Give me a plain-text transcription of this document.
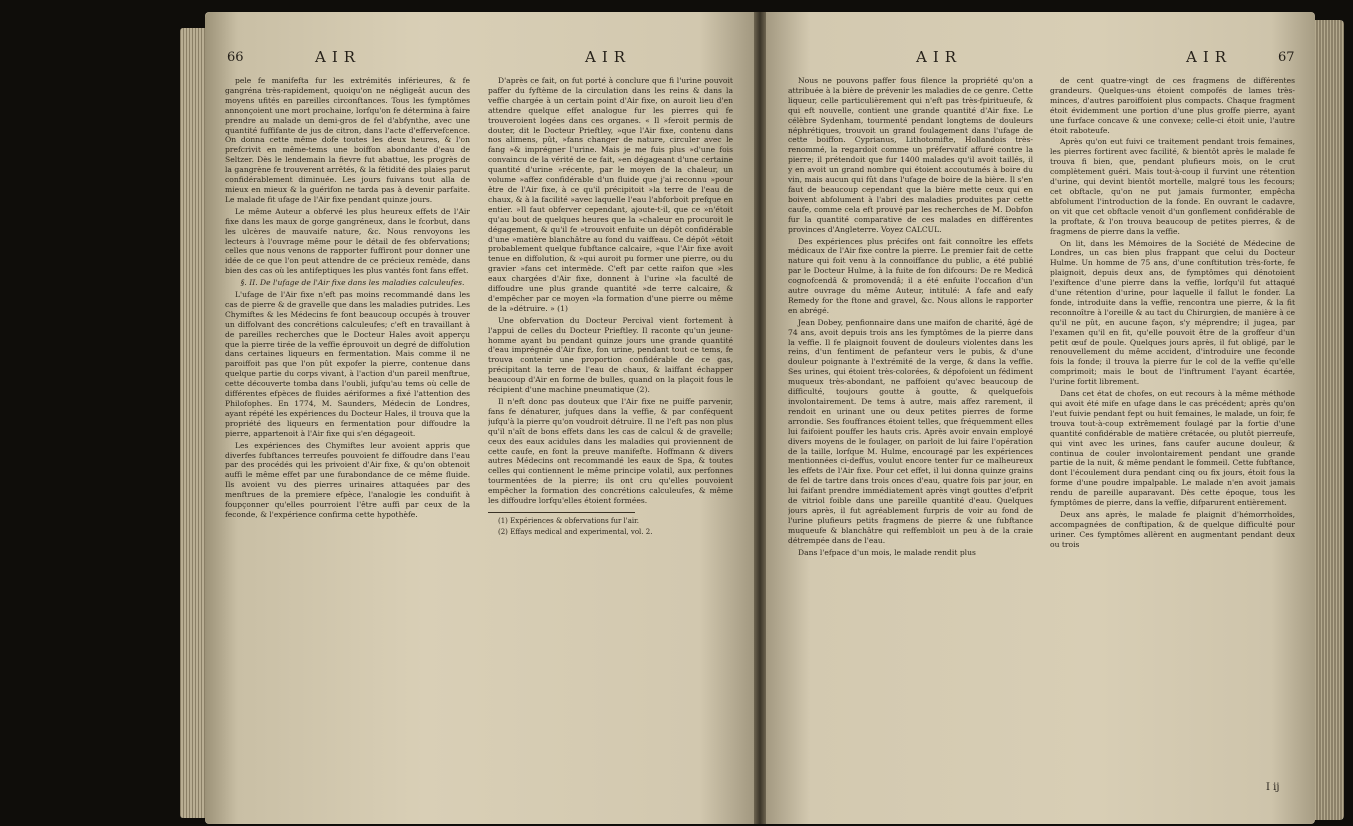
66	AIR	AIR

pele fe manifefta fur les extrémités inférieures, & fe gangréna très-rapidement, quoiqu'on ne négligeât aucun des moyens ufités en pareilles circonftances. Tous les fymptômes annonçoient une mort prochaine, lorfqu'on fe détermina à faire prendre au malade un demi-gros de fel d'abfynthe, avec une quantité fuffifante de jus de citron, dans l'acte d'effervefcence. On donna cette même dofe toutes les deux heures, & l'on prefcrivit en même-tems une boiffon abondante d'eau de Seltzer. Dès le lendemain la fievre fut abattue, les progrès de la gangrène fe trouverent arrêtés, & la fétidité des plaies parut confidérablement diminuée. Les jours fuivans tout alla de mieux en mieux & la guérifon ne tarda pas à devenir parfaite. Le malade fit ufage de l'Air fixe pendant quinze jours.

Le même Auteur a obfervé les plus heureux effets de l'Air fixe dans les maux de gorge gangréneux, dans le fcorbut, dans les ulcères de mauvaife nature, &c. Nous renvoyons les lecteurs à l'ouvrage même pour le détail de fes obfervations; celles que nous venons de rapporter fuffiront pour donner une idée de ce que l'on peut attendre de ce précieux remède, dans bien des cas où les antifeptiques les plus vantés font fans effet.

§. II. De l'ufage de l'Air fixe dans les maladies calculeufes.

L'ufage de l'Air fixe n'eft pas moins recommandé dans les cas de pierre & de gravelle que dans les maladies putrides. Les Chymiftes & les Médecins fe font beaucoup occupés à trouver un diffolvant des concrétions calculeufes; c'eft en travaillant à de pareilles recherches que le Docteur Hales avoit apperçu que la pierre tirée de la veffie éprouvoit un degré de diffolution dans certaines liqueurs en fermentation. Mais comme il ne paroiffoit pas que l'on pût expofer la pierre, contenue dans quelque partie du corps vivant, à l'action d'un pareil menftrue, cette découverte tomba dans l'oubli, jufqu'au tems où celle de différentes efpèces de fluides aériformes a fixé l'attention des Philofophes. En 1774, M. Saunders, Médecin de Londres, ayant répété les expériences du Docteur Hales, il trouva que la propriété des liqueurs en fermentation pour diffoudre la pierre, appartenoit à l'Air fixe qui s'en dégageoit.

Les expériences des Chymiftes leur avoient appris que diverfes fubftances terreufes pouvoient fe diffoudre dans l'eau par des procédés qui les privoient d'Air fixe, & qu'on obtenoit auffi le même effet par une furabondance de ce même fluide. Ils avoient vu des pierres urinaires attaquées par des menftrues de la premiere efpèce, l'analogie les conduifit à foupçonner qu'elles pourroient l'être auffi par ceux de la feconde, & l'expérience confirma cette hypothèfe.

D'après ce fait, on fut porté à conclure que fi l'urine pouvoit paffer du fyftème de la circulation dans les reins & dans la veffie chargée à un certain point d'Air fixe, on auroit lieu d'en attendre quelque effet analogue fur les pierres qui fe trouveroient logées dans ces organes. « Il »feroit permis de douter, dit le Docteur Prieftley, »que l'Air fixe, contenu dans nos alimens, pût, »fans changer de nature, circuler avec le fang »& imprégner l'urine. Mais je me fuis plus »d'une fois convaincu de la vérité de ce fait, »en dégageant d'une certaine quantité d'urine »récente, par le moyen de la chaleur, un volume »affez confidérable d'un fluide que j'ai reconnu »pour être de l'Air fixe, à ce qu'il précipitoit »la terre de l'eau de chaux, & à la facilité »avec laquelle l'eau l'abforboit prefque en entier. »Il faut obferver cependant, ajoute-t-il, que ce »n'étoit qu'au bout de quelques heures que la »chaleur en procuroit le dégagement, & qu'il fe »trouvoit enfuite un dépôt confidérable d'une »matière blanchâtre au fond du vaiffeau. Ce dépôt »étoit probablement quelque fubftance calcaire, »que l'Air fixe avoit tenue en diffolution, & »qui auroit pu former une pierre, ou du gravier »fans cet intermède. C'eft par cette raifon que »les eaux chargées d'Air fixe, donnent à l'urine »la faculté de diffoudre une plus grande quantité »de terre calcaire, & d'empêcher par ce moyen »la formation d'une pierre ou même de la »détruire. » (1)

Une obfervation du Docteur Percival vient fortement à l'appui de celles du Docteur Prieftley. Il raconte qu'un jeune-homme ayant bu pendant quinze jours une grande quantité d'eau imprégnée d'Air fixe, fon urine, pendant tout ce tems, fe trouva contenir une proportion confidérable de ce gas, précipitant la terre de l'eau de chaux, & laiffant échapper beaucoup d'Air en forme de bulles, quand on la plaçoit fous le récipient d'une machine pneumatique (2).

Il n'eft donc pas douteux que l'Air fixe ne puiffe parvenir, fans fe dénaturer, jufques dans la veffie, & par conféquent jufqu'à la pierre qu'on voudroit détruire. Il ne l'eft pas non plus qu'il n'aît de bons effets dans les cas de calcul & de gravelle; ceux des eaux acidules dans les maladies qui proviennent de cette caufe, en font la preuve manifefte. Hoffmann & divers autres Médecins ont recommandé les eaux de Spa, & toutes celles qui contiennent le même principe volatil, aux perfonnes tourmentées de la pierre; ils ont cru qu'elles pouvoient empêcher la formation des concrétions calculeufes, & même les diffoudre lorfqu'elles étoient formées.

(1) Expériences & obfervations fur l'air.

(2) Effays medical and experimental, vol. 2.

AIR	AIR	67

Nous ne pouvons paffer fous filence la propriété qu'on a attribuée à la bière de prévenir les maladies de ce genre. Cette liqueur, celle particulièrement qui n'eft pas très-fpiritueufe, & qui eft nouvelle, contient une grande quantité d'Air fixe. Le célèbre Sydenham, tourmenté pendant longtems de douleurs néphrétiques, trouvoit un grand foulagement dans l'ufage de cette boiffon. Cyprianus, Lithotomifte, Hollandois très-renommé, la regardoit comme un préfervatif affuré contre la pierre; il prétendoit que fur 1400 malades qu'il avoit taillés, il y en avoit un grand nombre qui étoient accoutumés à boire du vin, mais aucun qui fût dans l'ufage de boire de la bière. Il s'en faut de beaucoup cependant que la bière mette ceux qui en boivent abfolument à l'abri des maladies produites par cette caufe, comme cela eft prouvé par les recherches de M. Dobfon fur la quantité comparative de ces malades en différentes provinces d'Angleterre. Voyez CALCUL.

Des expériences plus précifes ont fait connoître les effets médicaux de l'Air fixe contre la pierre. Le premier fait de cette nature qui foit venu à la connoiffance du public, a été publié par le Docteur Hulme, à la fuite de fon difcours: De re Medicâ cognofcendâ & promovendâ; il a été enfuite l'occafion d'un autre ouvrage du même Auteur, intitulé: A fafe and eafy Remedy for the ftone and gravel, &c. Nous allons le rapporter en abrégé.

Jean Dobey, penfionnaire dans une maifon de charité, âgé de 74 ans, avoit depuis trois ans les fymptômes de la pierre dans la veffie. Il fe plaignoit fouvent de douleurs violentes dans les reins, d'un fentiment de pefanteur vers le pubis, & d'une douleur poignante à l'extrémité de la verge, & dans la veffie. Ses urines, qui étoient très-colorées, & dépofoient un fédiment muqueux très-abondant, ne paffoient qu'avec beaucoup de difficulté, toujours goutte à goutte, & quelquefois involontairement. De tems à autre, mais affez rarement, il rendoit en urinant une ou deux petites pierres de forme arrondie. Ses fouffrances étoient telles, que fréquemment elles lui faifoient pouffer les hauts cris. Après avoir envain employé divers moyens de le foulager, on parloit de lui faire l'opération de la taille, lorfque M. Hulme, encouragé par les expériences mentionnées ci-deffus, voulut encore tenter fur ce malheureux les effets de l'Air fixe. Pour cet effet, il lui donna quinze grains de fel de tartre dans trois onces d'eau, quatre fois par jour, en lui faifant prendre immédiatement après vingt gouttes d'efprit de vitriol foible dans une pareille quantité d'eau. Quelques jours après, il fut agréablement furpris de voir au fond de l'urine plufieurs petits fragmens de pierre & une fubftance muqueufe & blanchâtre qui reffembloit un peu à de la craie détrempée dans de l'eau.

Dans l'efpace d'un mois, le malade rendit plus

de cent quatre-vingt de ces fragmens de différentes grandeurs. Quelques-uns étoient compofés de lames très-minces, d'autres paroiffoient plus compacts. Chaque fragment étoit évidemment une portion d'une plus groffe pierre, ayant une furface concave & une convexe; celle-ci étoit unie, l'autre étoit raboteufe.

Après qu'on eut fuivi ce traitement pendant trois femaines, les pierres fortirent avec facilité, & bientôt après le malade fe trouva fi bien, que, pendant plufieurs mois, on le crut complètement guéri. Mais tout-à-coup il furvint une rétention d'urine, qui devint bientôt mortelle, malgré tous les fecours; cet obftacle, qu'on ne put jamais furmonter, empêcha abfolument l'introduction de la fonde. En ouvrant le cadavre, on vit que cet obftacle venoit d'un gonflement confidérable de la proftate, & l'on trouva beaucoup de petites pierres, & de fragmens de pierre dans la veffie.

On lit, dans les Mémoires de la Société de Médecine de Londres, un cas bien plus frappant que celui du Docteur Hulme. Un homme de 75 ans, d'une conftitution très-forte, fe plaignoit, depuis deux ans, de fymptômes qui dénotoient l'exiftence d'une pierre dans la veffie, lorfqu'il fut attaqué d'une rétention d'urine, pour laquelle il fallut le fonder. La fonde, introduite dans la veffie, rencontra une pierre, & la fit reconnoître à l'oreille & au tact du Chirurgien, de manière à ce qu'il ne pût, en aucune façon, s'y méprendre; il jugea, par l'examen qu'il en fit, qu'elle pouvoit être de la groffeur d'un petit œuf de poule. Quelques jours après, il fut obligé, par le renouvellement du même accident, d'introduire une feconde fois la fonde; il trouva la pierre fur le col de la veffie qu'elle comprimoit; mais le bout de l'inftrument l'ayant écartée, l'urine fortit librement.

Dans cet état de chofes, on eut recours à la même méthode qui avoit été mife en ufage dans le cas précédent; après qu'on l'eut fuivie pendant fept ou huit femaines, le malade, un foir, fe trouva tout-à-coup extrêmement foulagé par la fortie d'une quantité confidérable de matière crétacée, ou plutôt pierreufe, qui vint avec les urines, fans caufer aucune douleur, & continua de couler involontairement pendant une grande partie de la nuit, & même pendant le fommeil. Cette fubftance, dont l'écoulement dura pendant cinq ou fix jours, étoit fous la forme d'une poudre impalpable. Le malade n'en avoit jamais rendu de pareille auparavant. Dès cette époque, tous les fymptômes de pierre, dans la veffie, difparurent entièrement.

Deux ans après, le malade fe plaignit d'hémorrhoïdes, accompagnées de conftipation, & de quelque difficulté pour uriner. Ces fymptômes allèrent en augmentant pendant deux ou trois

I ij
